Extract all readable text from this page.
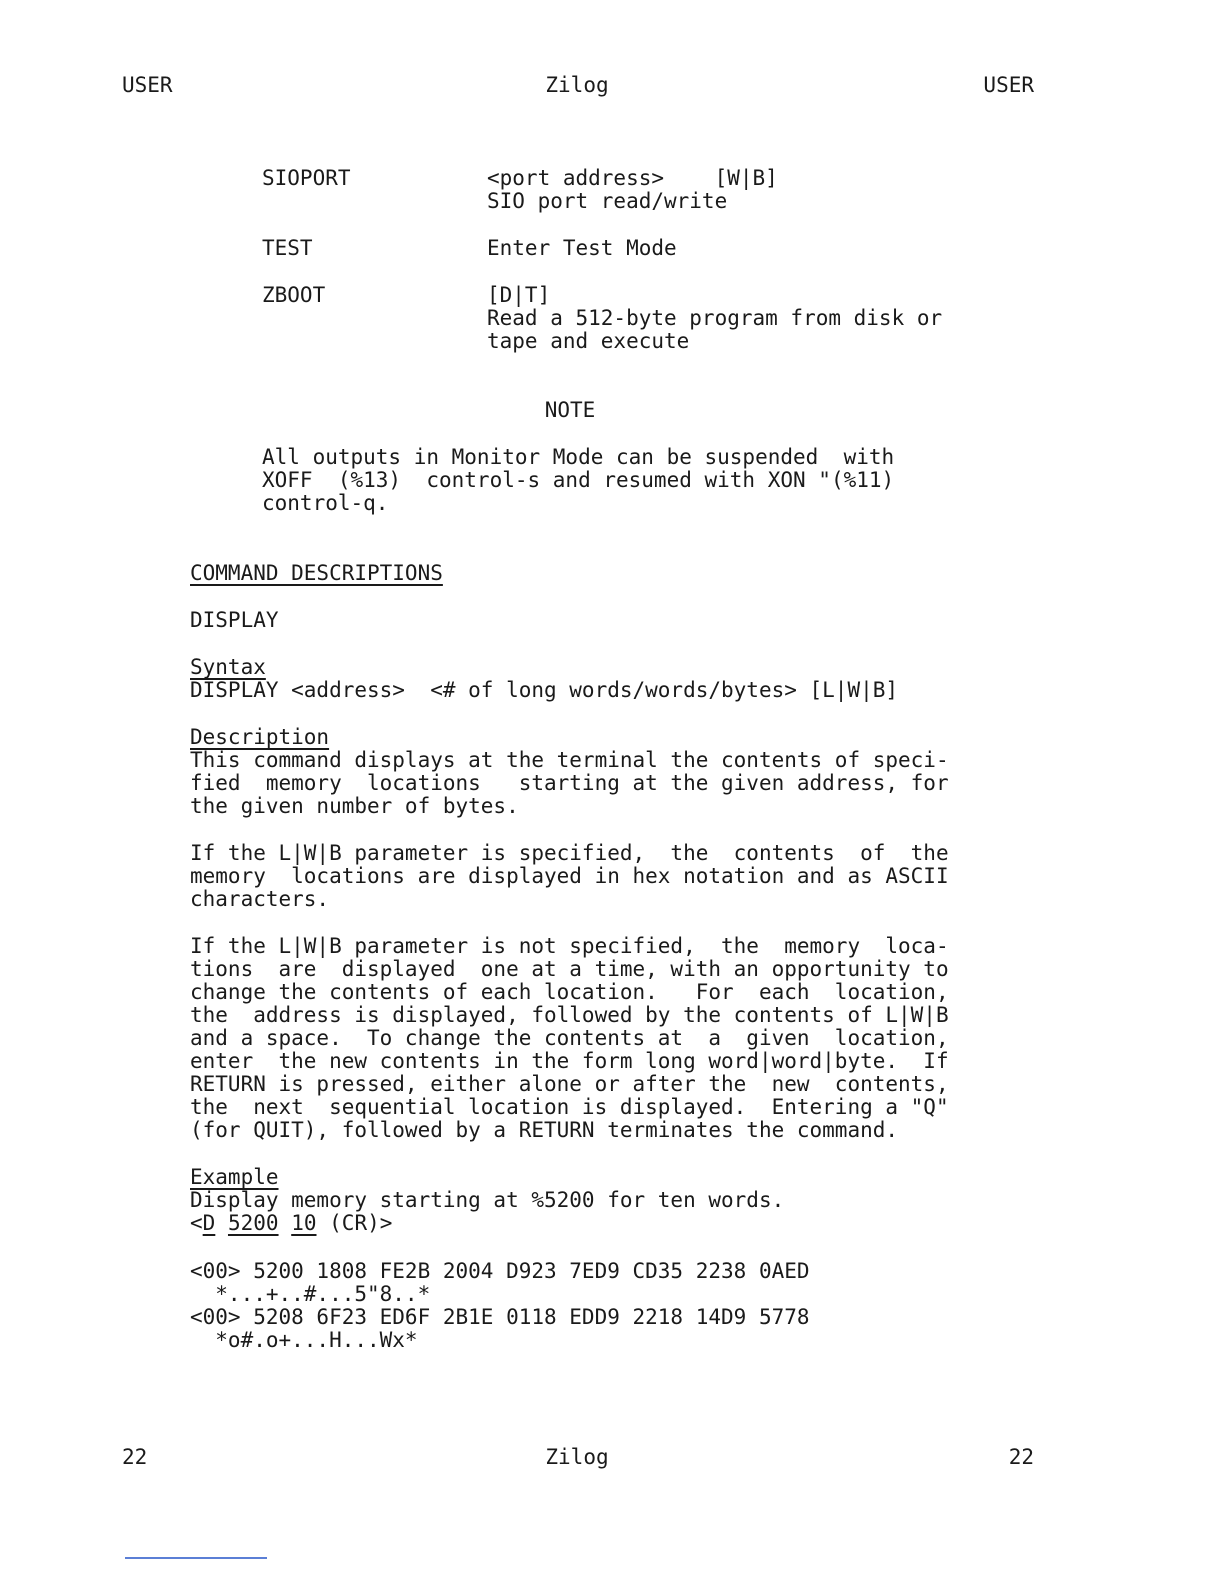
USER	Zilog	USER
SIOPORT	<port address>    [W|B]
SIO port read/write
TEST	Enter Test Mode
ZBOOT	[D|T]
Read a 512-byte program from disk or
tape and execute
NOTE
All outputs in Monitor Mode can be suspended  with
XOFF  (%13)  control-s and resumed with XON "(%11)
control-q.
COMMAND DESCRIPTIONS
DISPLAY
Syntax
DISPLAY <address>  <# of long words/words/bytes> [L|W|B]
Description
This command displays at the terminal the contents of speci-
fied  memory  locations   starting at the given address, for
the given number of bytes.
If the L|W|B parameter is specified,  the  contents  of  the
memory  locations are displayed in hex notation and as ASCII
characters.
If the L|W|B parameter is not specified,  the  memory  loca-
tions  are  displayed  one at a time, with an opportunity to
change the contents of each location.   For  each  location,
the  address is displayed, followed by the contents of L|W|B
and a space.  To change the contents at  a  given  location,
enter  the new contents in the form long word|word|byte.  If
RETURN is pressed, either alone or after the  new  contents,
the  next  sequential location is displayed.  Entering a "Q"
(for QUIT), followed by a RETURN terminates the command.
Example
Display memory starting at %5200 for ten words.
<D 5200 10 (CR)>
<00> 5200 1808 FE2B 2004 D923 7ED9 CD35 2238 0AED
*...+..#...5"8..*
<00> 5208 6F23 ED6F 2B1E 0118 EDD9 2218 14D9 5778
*o#.o+...H...Wx*
22	Zilog	22
